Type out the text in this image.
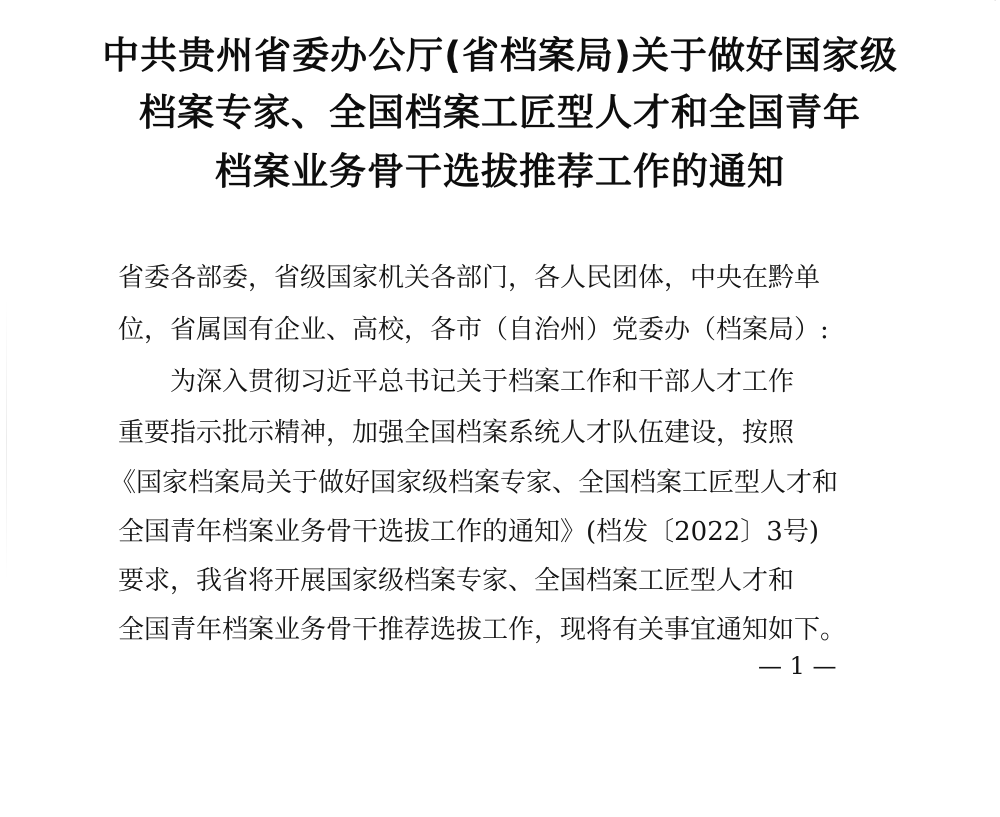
中共贵州省委办公厅(省档案局)关于做好国家级
档案专家、全国档案工匠型人才和全国青年
档案业务骨干选拔推荐工作的通知
省委各部委，省级国家机关各部门，各人民团体，中央在黔单
位，省属国有企业、高校，各市（自治州）党委办（档案局）:
　　为深入贯彻习近平总书记关于档案工作和干部人才工作
重要指示批示精神，加强全国档案系统人才队伍建设，按照
《国家档案局关于做好国家级档案专家、全国档案工匠型人才和
全国青年档案业务骨干选拔工作的通知》(档发〔2022〕3号)
要求，我省将开展国家级档案专家、全国档案工匠型人才和
全国青年档案业务骨干推荐选拔工作，现将有关事宜通知如下。
— 1 —
